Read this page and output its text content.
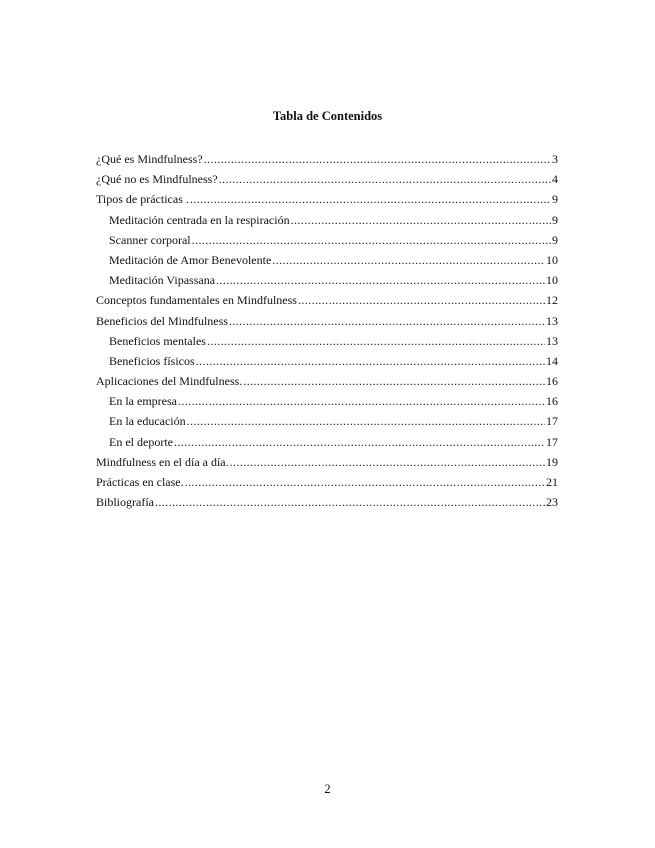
Tabla de Contenidos
¿Qué es Mindfulness? .....	3
¿Qué no es Mindfulness? .....	4
Tipos de prácticas . .....	9
Meditación centrada en la respiración .....	9
Scanner corporal .....	9
Meditación de Amor Benevolente .....	10
Meditación Vipassana .....	10
Conceptos fundamentales en Mindfulness .....	12
Beneficios del Mindfulness .....	13
Beneficios mentales .....	13
Beneficios físicos .....	14
Aplicaciones del Mindfulness. .....	16
En la empresa .....	16
En la educación .....	17
En el deporte .....	17
Mindfulness en el día a día. .....	19
Prácticas en clase. .....	21
Bibliografía .....	23
2
